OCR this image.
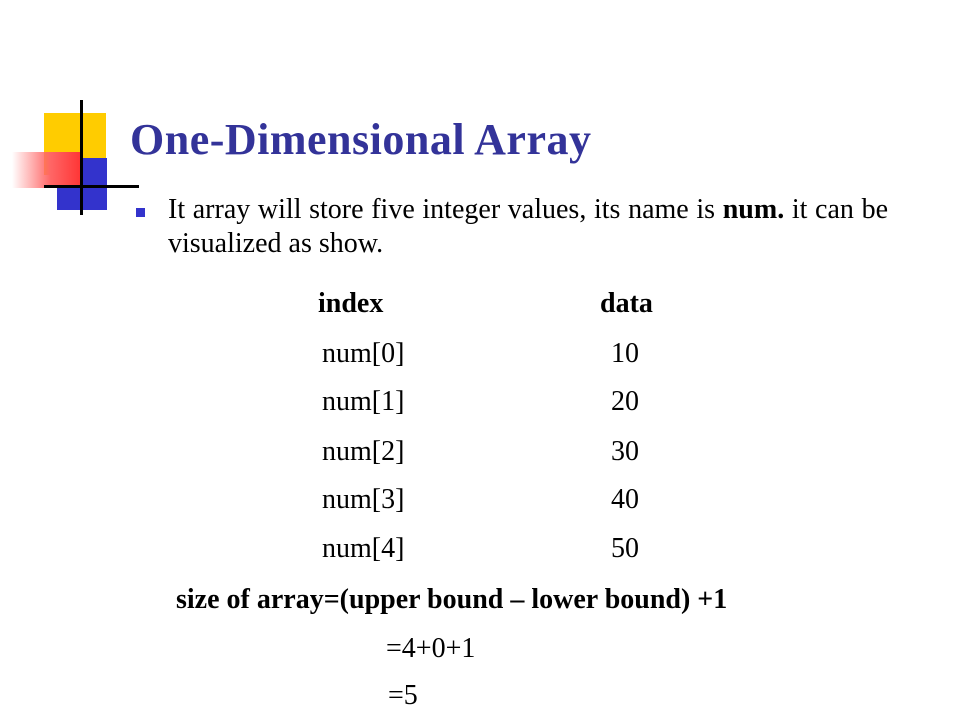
One-Dimensional Array

It array will store five integer values, its name is num. it can be visualized as show.

index	data
num[0]	10
num[1]	20
num[2]	30
num[3]	40
num[4]	50
size of array=(upper bound – lower bound) +1
=4+0+1
=5
